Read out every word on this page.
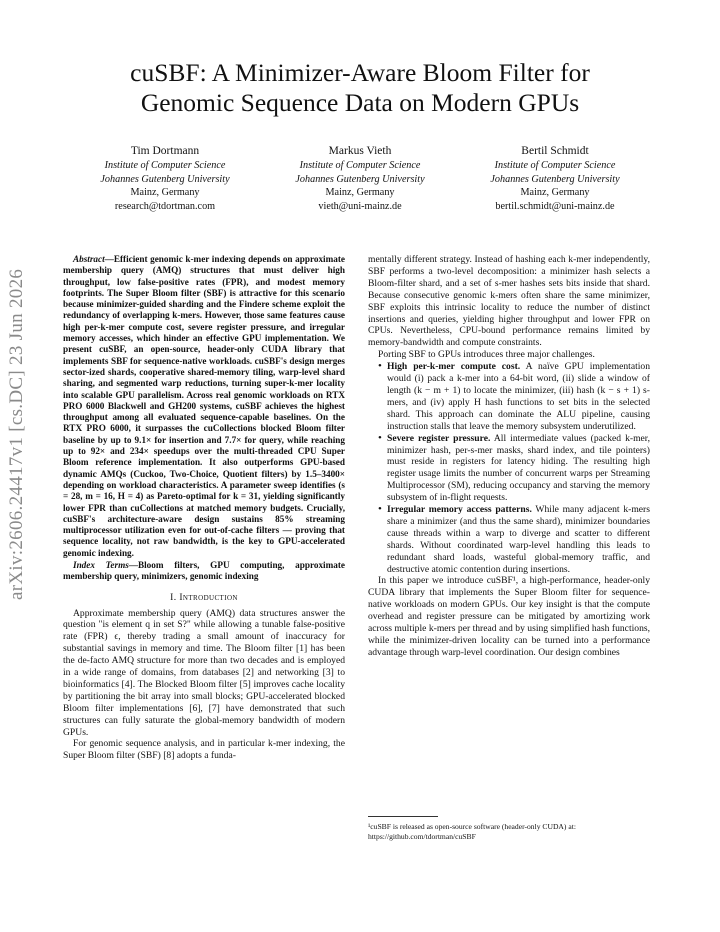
arXiv:2606.24417v1 [cs.DC] 23 Jun 2026
cuSBF: A Minimizer-Aware Bloom Filter for
Genomic Sequence Data on Modern GPUs
Tim Dortmann
Institute of Computer Science
Johannes Gutenberg University
Mainz, Germany
research@tdortman.com
Markus Vieth
Institute of Computer Science
Johannes Gutenberg University
Mainz, Germany
vieth@uni-mainz.de
Bertil Schmidt
Institute of Computer Science
Johannes Gutenberg University
Mainz, Germany
bertil.schmidt@uni-mainz.de

Abstract—Efficient genomic k-mer indexing depends on approximate membership query (AMQ) structures that must deliver high throughput, low false-positive rates (FPR), and modest memory footprints. The Super Bloom filter (SBF) is attractive for this scenario because minimizer-guided sharding and the Findere scheme exploit the redundancy of overlapping k-mers. However, those same features cause high per-k-mer compute cost, severe register pressure, and irregular memory accesses, which hinder an effective GPU implementation. We present cuSBF, an open-source, header-only CUDA library that implements SBF for sequence-native workloads. cuSBF's design merges sector-ized shards, cooperative shared-memory tiling, warp-level shard sharing, and segmented warp reductions, turning super-k-mer locality into scalable GPU parallelism. Across real genomic workloads on RTX PRO 6000 Blackwell and GH200 systems, cuSBF achieves the highest throughput among all evaluated sequence-capable baselines. On the RTX PRO 6000, it surpasses the cuCollections blocked Bloom filter baseline by up to 9.1× for insertion and 7.7× for query, while reaching up to 92× and 234× speedups over the multi-threaded CPU Super Bloom reference implementation. It also outperforms GPU-based dynamic AMQs (Cuckoo, Two-Choice, Quotient filters) by 1.5–3400× depending on workload characteristics. A parameter sweep identifies (s = 28, m = 16, H = 4) as Pareto-optimal for k = 31, yielding significantly lower FPR than cuCollections at matched memory budgets. Crucially, cuSBF's architecture-aware design sustains 85% streaming multiprocessor utilization even for out-of-cache filters — proving that sequence locality, not raw bandwidth, is the key to GPU-accelerated genomic indexing.

Index Terms—Bloom filters, GPU computing, approximate membership query, minimizers, genomic indexing

I. Introduction

Approximate membership query (AMQ) data structures answer the question "is element q in set S?" while allowing a tunable false-positive rate (FPR) ϵ, thereby trading a small amount of inaccuracy for substantial savings in memory and time. The Bloom filter [1] has been the de-facto AMQ structure for more than two decades and is employed in a wide range of domains, from databases [2] and networking [3] to bioinformatics [4]. The Blocked Bloom filter [5] improves cache locality by partitioning the bit array into small blocks; GPU-accelerated blocked Bloom filter implementations [6], [7] have demonstrated that such structures can fully saturate the global-memory bandwidth of modern GPUs.

For genomic sequence analysis, and in particular k-mer indexing, the Super Bloom filter (SBF) [8] adopts a funda-

mentally different strategy. Instead of hashing each k-mer independently, SBF performs a two-level decomposition: a minimizer hash selects a Bloom-filter shard, and a set of s-mer hashes sets bits inside that shard. Because consecutive genomic k-mers often share the same minimizer, SBF exploits this intrinsic locality to reduce the number of distinct insertions and queries, yielding higher throughput and lower FPR on CPUs. Nevertheless, CPU-bound performance remains limited by memory-bandwidth and compute constraints.

Porting SBF to GPUs introduces three major challenges.

• High per-k-mer compute cost. A naïve GPU implementation would (i) pack a k-mer into a 64-bit word, (ii) slide a window of length (k − m + 1) to locate the minimizer, (iii) hash (k − s + 1) s-mers, and (iv) apply H hash functions to set bits in the selected shard. This approach can dominate the ALU pipeline, causing instruction stalls that leave the memory subsystem underutilized.
• Severe register pressure. All intermediate values (packed k-mer, minimizer hash, per-s-mer masks, shard index, and tile pointers) must reside in registers for latency hiding. The resulting high register usage limits the number of concurrent warps per Streaming Multiprocessor (SM), reducing occupancy and starving the memory subsystem of in-flight requests.
• Irregular memory access patterns. While many adjacent k-mers share a minimizer (and thus the same shard), minimizer boundaries cause threads within a warp to diverge and scatter to different shards. Without coordinated warp-level handling this leads to redundant shard loads, wasteful global-memory traffic, and destructive atomic contention during insertions.

In this paper we introduce cuSBF¹, a high-performance, header-only CUDA library that implements the Super Bloom filter for sequence-native workloads on modern GPUs. Our key insight is that the compute overhead and register pressure can be mitigated by amortizing work across multiple k-mers per thread and by using simplified hash functions, while the minimizer-driven locality can be turned into a performance advantage through warp-level coordination. Our design combines

¹cuSBF is released as open-source software (header-only CUDA) at: https://github.com/tdortman/cuSBF
